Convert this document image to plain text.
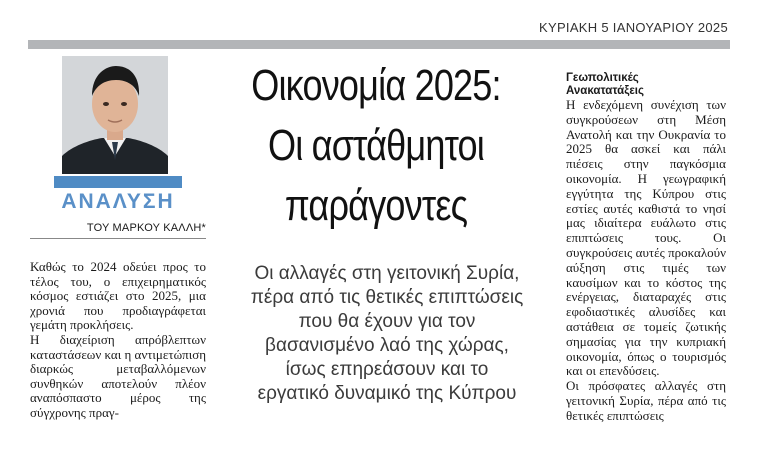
ΚΥΡΙΑΚΗ 5 ΙΑΝΟΥΑΡΙΟΥ 2025
ΑΝΑΛΥΣΗ
ΤΟΥ ΜΑΡΚΟΥ ΚΑΛΛΗ*
Οικονομία 2025:
Οι αστάθμητοι
παράγοντες
Οι αλλαγές στη γειτονική Συρία, πέρα από τις θετικές επιπτώσεις που θα έχουν για τον βασανισμένο λαό της χώρας, ίσως επηρεάσουν και το εργατικό δυναμικό της Κύπρου
Καθώς το 2024 οδεύει προς το τέλος του, ο επιχειρηματικός κόσμος εστιάζει στο 2025, μια χρονιά που προδιαγράφεται γεμάτη προκλήσεις.
Η διαχείριση απρόβλεπτων καταστάσεων και η αντιμετώπιση διαρκώς μεταβαλλόμενων συνθηκών αποτελούν πλέον αναπόσπαστο μέρος της σύγχρονης πραγ-
Γεωπολιτικές
Ανακατατάξεις
Η ενδεχόμενη συνέχιση των συγκρούσεων στη Μέση Ανατολή και την Ουκρανία το 2025 θα ασκεί και πάλι πιέσεις στην παγκόσμια οικονομία. Η γεωγραφική εγγύτητα της Κύπρου στις εστίες αυτές καθιστά το νησί μας ιδιαίτερα ευάλωτο στις επιπτώσεις τους. Οι συγκρούσεις αυτές προκαλούν αύξηση στις τιμές των καυσίμων και το κόστος της ενέργειας, διαταραχές στις εφοδιαστικές αλυσίδες και αστάθεια σε τομείς ζωτικής σημασίας για την κυπριακή οικονομία, όπως ο τουρισμός και οι επενδύσεις.
Οι πρόσφατες αλλαγές στη γειτονική Συρία, πέρα από τις θετικές επιπτώσεις
